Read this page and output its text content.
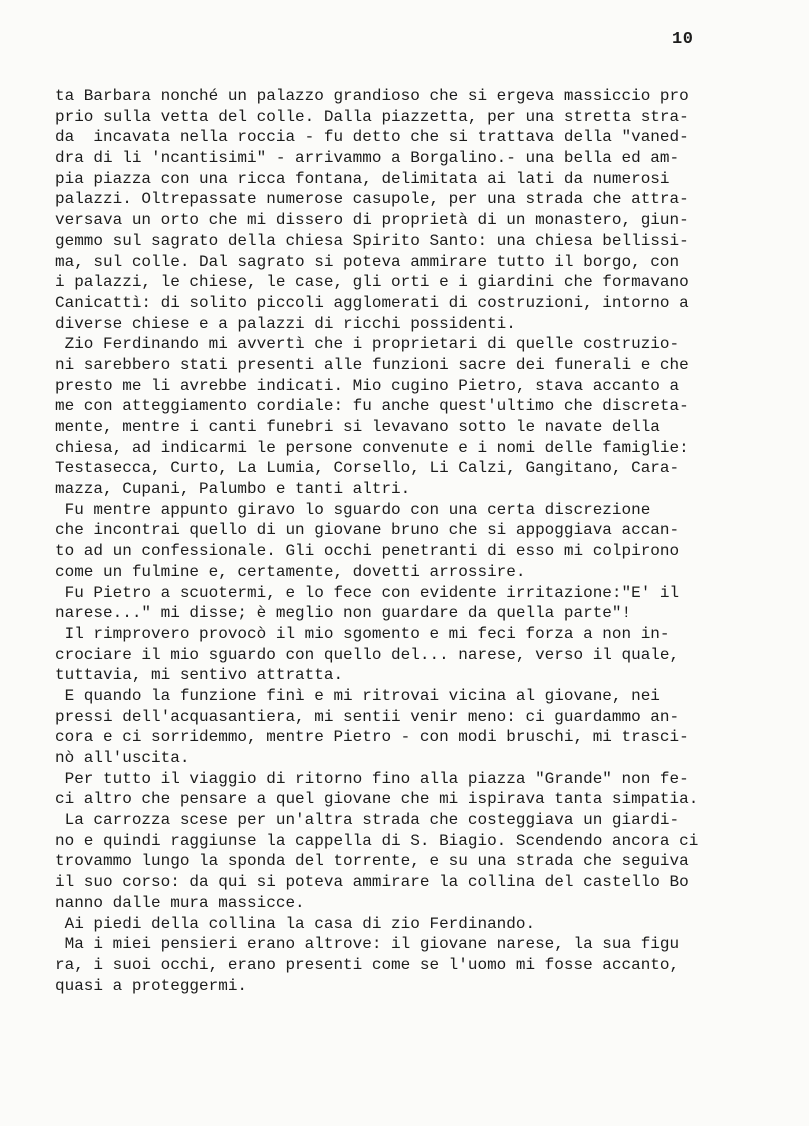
10
ta Barbara nonché un palazzo grandioso che si ergeva massiccio pro
prio sulla vetta del colle. Dalla piazzetta, per una stretta stra-
da  incavata nella roccia - fu detto che si trattava della "vaned-
dra di li 'ncantisimi" - arrivammo a Borgalino.- una bella ed am-
pia piazza con una ricca fontana, delimitata ai lati da numerosi
palazzi. Oltrepassate numerose casupole, per una strada che attra-
versava un orto che mi dissero di proprietà di un monastero, giun-
gemmo sul sagrato della chiesa Spirito Santo: una chiesa bellissi-
ma, sul colle. Dal sagrato si poteva ammirare tutto il borgo, con
i palazzi, le chiese, le case, gli orti e i giardini che formavano
Canicattì: di solito piccoli agglomerati di costruzioni, intorno a
diverse chiese e a palazzi di ricchi possidenti.
Zio Ferdinando mi avvertì che i proprietari di quelle costruzio-
ni sarebbero stati presenti alle funzioni sacre dei funerali e che
presto me li avrebbe indicati. Mio cugino Pietro, stava accanto a
me con atteggiamento cordiale: fu anche quest'ultimo che discreta-
mente, mentre i canti funebri si levavano sotto le navate della
chiesa, ad indicarmi le persone convenute e i nomi delle famiglie:
Testasecca, Curto, La Lumia, Corsello, Li Calzi, Gangitano, Cara-
mazza, Cupani, Palumbo e tanti altri.
Fu mentre appunto giravo lo sguardo con una certa discrezione
che incontrai quello di un giovane bruno che si appoggiava accan-
to ad un confessionale. Gli occhi penetranti di esso mi colpirono
come un fulmine e, certamente, dovetti arrossire.
Fu Pietro a scuotermi, e lo fece con evidente irritazione:"E' il
narese..." mi disse; è meglio non guardare da quella parte"!
Il rimprovero provocò il mio sgomento e mi feci forza a non in-
crociare il mio sguardo con quello del... narese, verso il quale,
tuttavia, mi sentivo attratta.
E quando la funzione finì e mi ritrovai vicina al giovane, nei
pressi dell'acquasantiera, mi sentii venir meno: ci guardammo an-
cora e ci sorridemmo, mentre Pietro - con modi bruschi, mi trasci-
nò all'uscita.
Per tutto il viaggio di ritorno fino alla piazza "Grande" non fe-
ci altro che pensare a quel giovane che mi ispirava tanta simpatia.
La carrozza scese per un'altra strada che costeggiava un giardi-
no e quindi raggiunse la cappella di S. Biagio. Scendendo ancora ci
trovammo lungo la sponda del torrente, e su una strada che seguiva
il suo corso: da qui si poteva ammirare la collina del castello Bo
nanno dalle mura massicce.
Ai piedi della collina la casa di zio Ferdinando.
Ma i miei pensieri erano altrove: il giovane narese, la sua figu
ra, i suoi occhi, erano presenti come se l'uomo mi fosse accanto,
quasi a proteggermi.
